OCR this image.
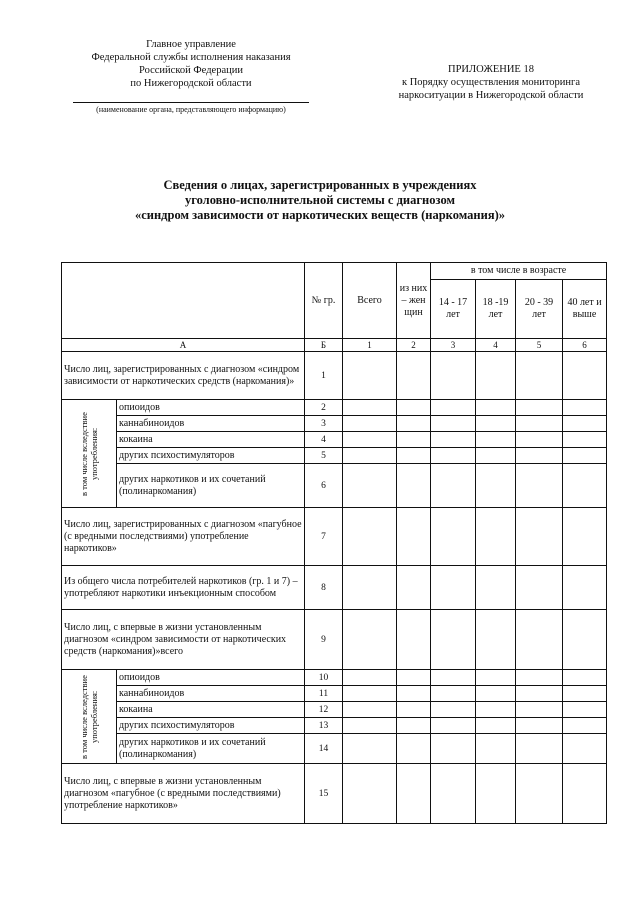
Главное управление
Федеральной службы исполнения наказания
Российской Федерации
по Нижегородской области
(наименование органа, представляющего информацию)
ПРИЛОЖЕНИЕ 18
к Порядку осуществления мониторинга
наркоситуации в Нижегородской области
Сведения о лицах, зарегистрированных в учреждениях
уголовно-исполнительной системы с диагнозом
«синдром зависимости от наркотических веществ (наркомания)»
		№ гр.	Всего	из них – жен щин	в том числе в возрасте			
					14 - 17 лет	18 -19 лет	20 - 39 лет	40 лет и выше
А		Б	1	2	3	4	5	6
Число лиц, зарегистрированных с диагнозом «синдром зависимости от наркотических средств (наркомания)»		1						

в том числе вследствие употребления:	опиоидов	2						
	каннабиноидов	3						
	кокаина	4						
	других психостимуляторов	5						
	других наркотиков и их сочетаний (полинаркомания)	6						
Число лиц, зарегистрированных с диагнозом «пагубное (с вредными последствиями) употребление наркотиков»		7						
Из общего числа потребителей наркотиков (гр. 1 и 7) – употребляют наркотики инъекционным способом		8						
Число лиц, с впервые в жизни установленным диагнозом «синдром зависимости от наркотических средств (наркомания)»всего		9						

в том числе вследствие употребления:	опиоидов	10						
	каннабиноидов	11						
	кокаина	12						
	других психостимуляторов	13						
	других наркотиков и их сочетаний (полинаркомания)	14						
Число лиц, с впервые в жизни установленным диагнозом «пагубное (с вредными последствиями) употребление наркотиков»		15						
